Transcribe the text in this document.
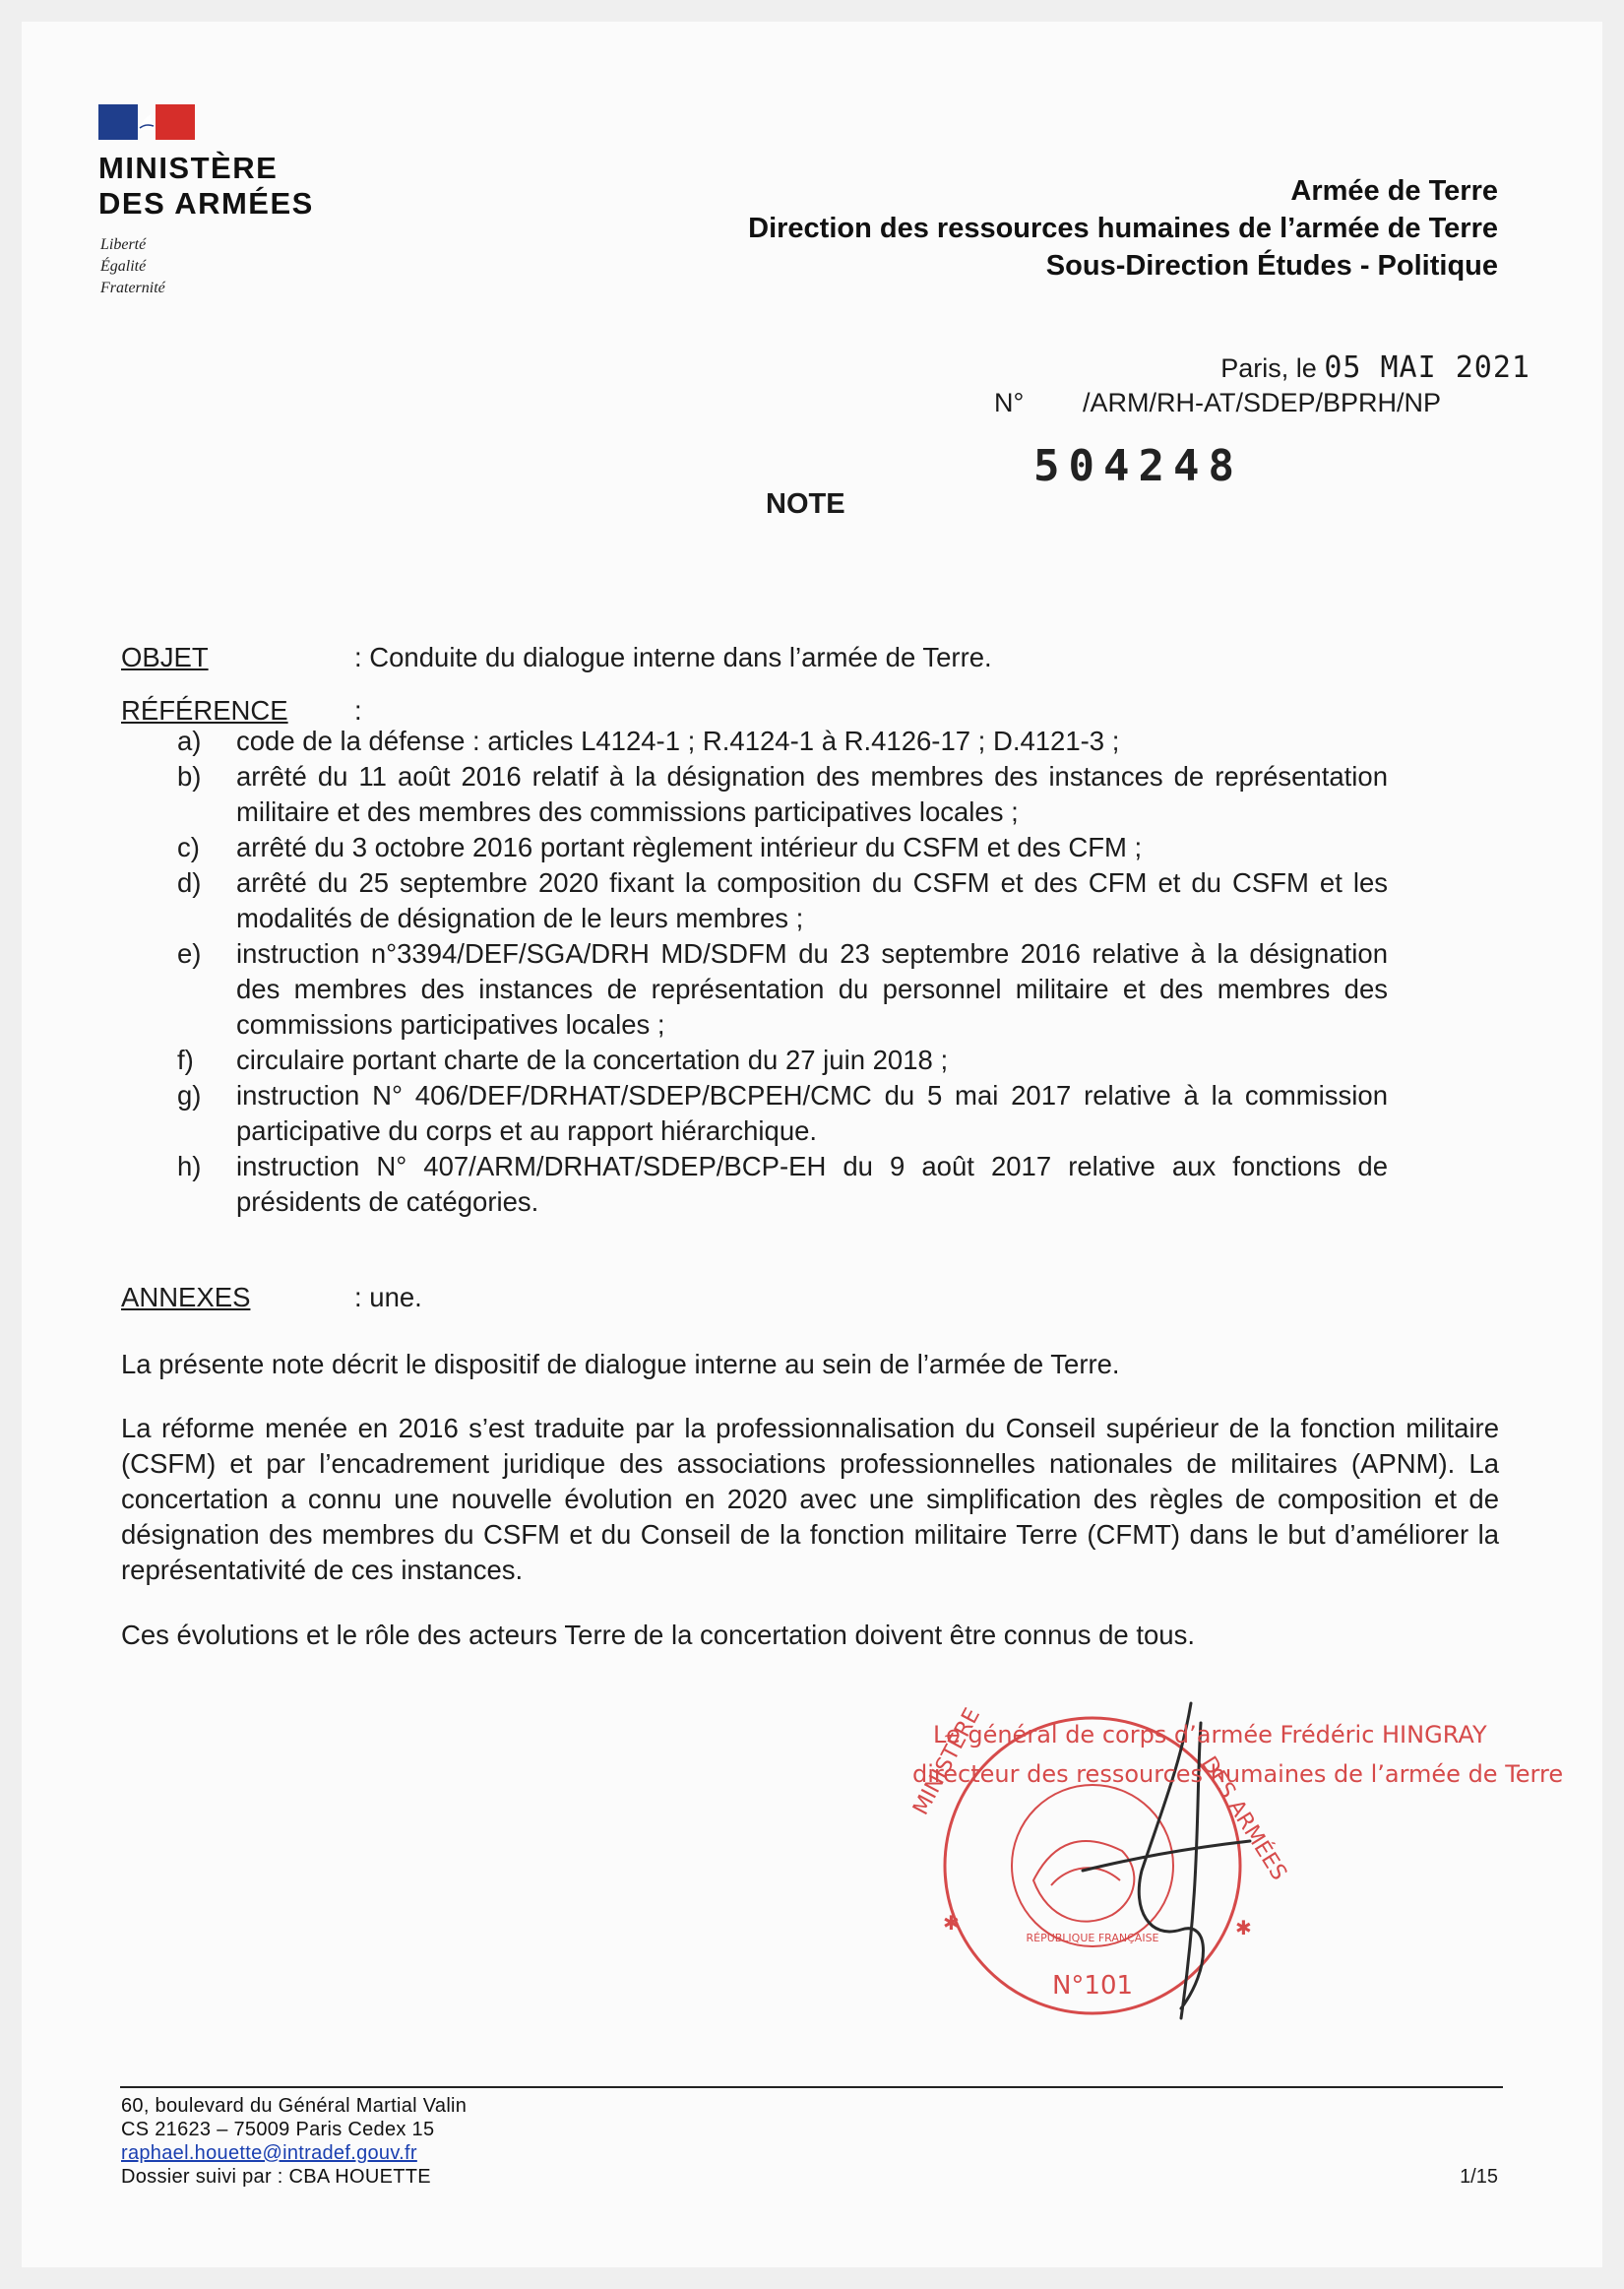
MINISTÈRE
DES ARMÉES
Liberté
Égalité
Fraternité
Armée de Terre
Direction des ressources humaines de l’armée de Terre
Sous-Direction Études - Politique
Paris, le 05 MAI 2021
N° /ARM/RH-AT/SDEP/BPRH/NP
504248
NOTE
OBJET	: Conduite du dialogue interne dans l’armée de Terre.
RÉFÉRENCE :
a) code de la défense : articles L4124-1 ; R.4124-1 à R.4126-17 ; D.4121-3 ;
b) arrêté du 11 août 2016 relatif à la désignation des membres des instances de représentation militaire et des membres des commissions participatives locales ;
c) arrêté du 3 octobre 2016 portant règlement intérieur du CSFM et des CFM ;
d) arrêté du 25 septembre 2020 fixant la composition du CSFM et des CFM et du CSFM et les modalités de désignation de le leurs membres ;
e) instruction n°3394/DEF/SGA/DRH MD/SDFM du 23 septembre 2016 relative à la désignation des membres des instances de représentation du personnel militaire et des membres des commissions participatives locales ;
f) circulaire portant charte de la concertation du 27 juin 2018 ;
g) instruction N° 406/DEF/DRHAT/SDEP/BCPEH/CMC du 5 mai 2017 relative à la commission participative du corps et au rapport hiérarchique.
h) instruction N° 407/ARM/DRHAT/SDEP/BCP-EH du 9 août 2017 relative aux fonctions de présidents de catégories.
ANNEXES	: une.
La présente note décrit le dispositif de dialogue interne au sein de l’armée de Terre.
La réforme menée en 2016 s’est traduite par la professionnalisation du Conseil supérieur de la fonction militaire (CSFM) et par l’encadrement juridique des associations professionnelles nationales de militaires (APNM). La concertation a connu une nouvelle évolution en 2020 avec une simplification des règles de composition et de désignation des membres du CSFM et du Conseil de la fonction militaire Terre (CFMT) dans le but d’améliorer la représentativité de ces instances.
Ces évolutions et le rôle des acteurs Terre de la concertation doivent être connus de tous.
MINISTÈRE	DES ARMÉES
RÉPUBLIQUE FRANÇAISE
N°101
✱	✱
Le général de corps d’armée Frédéric HINGRAY
directeur des ressources humaines de l’armée de Terre
60, boulevard du Général Martial Valin
CS 21623 – 75009 Paris Cedex 15
raphael.houette@intradef.gouv.fr
Dossier suivi par : CBA HOUETTE	1/15
